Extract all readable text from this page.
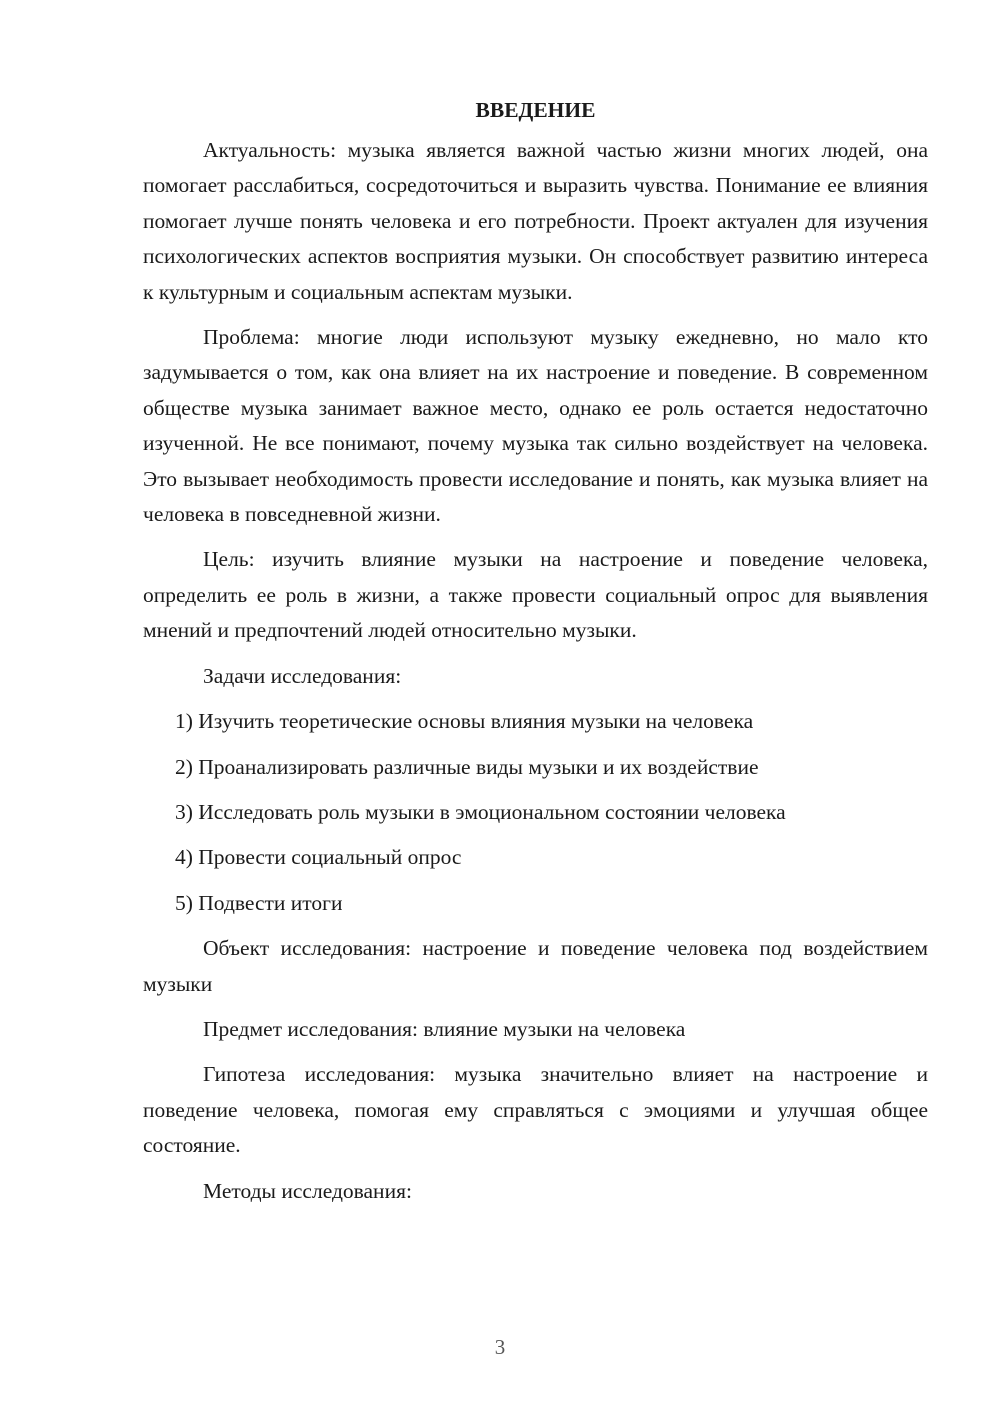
ВВЕДЕНИЕ

Актуальность: музыка является важной частью жизни многих людей, она помогает расслабиться, сосредоточиться и выразить чувства. Понимание ее влияния помогает лучше понять человека и его потребности. Проект актуален для изучения психологических аспектов восприятия музыки. Он способствует развитию интереса к культурным и социальным аспектам музыки.

Проблема: многие люди используют музыку ежедневно, но мало кто задумывается о том, как она влияет на их настроение и поведение. В современном обществе музыка занимает важное место, однако ее роль остается недостаточно изученной. Не все понимают, почему музыка так сильно воздействует на человека. Это вызывает необходимость провести исследование и понять, как музыка влияет на человека в повседневной жизни.

Цель: изучить влияние музыки на настроение и поведение человека, определить ее роль в жизни, а также провести социальный опрос для выявления мнений и предпочтений людей относительно музыки.

Задачи исследования:
1) Изучить теоретические основы влияния музыки на человека
2) Проанализировать различные виды музыки и их воздействие
3) Исследовать роль музыки в эмоциональном состоянии человека
4) Провести социальный опрос
5) Подвести итоги

Объект исследования: настроение и поведение человека под воздействием музыки

Предмет исследования: влияние музыки на человека

Гипотеза исследования: музыка значительно влияет на настроение и поведение человека, помогая ему справляться с эмоциями и улучшая общее состояние.

Методы исследования:

3
